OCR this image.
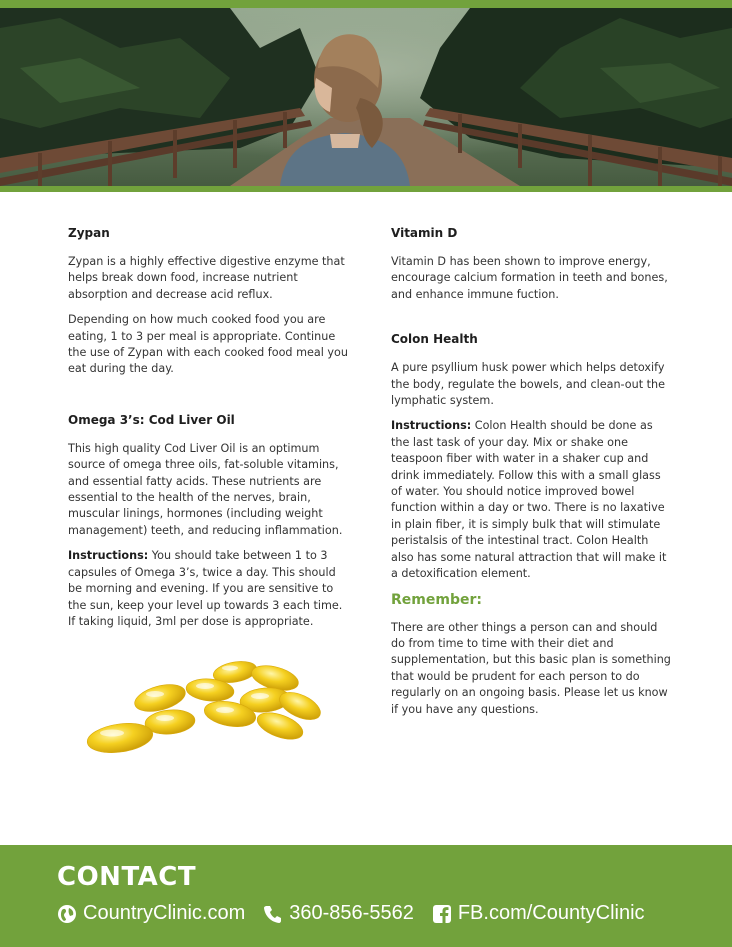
Zypan

Zypan is a highly effective digestive enzyme that helps break down food, increase nutrient absorption and decrease acid reflux.

Depending on how much cooked food you are eating, 1 to 3 per meal is appropriate. Continue the use of Zypan with each cooked food meal you eat during the day.

Omega 3’s: Cod Liver Oil

This high quality Cod Liver Oil is an optimum source of omega three oils, fat-soluble vitamins, and essential fatty acids. These nutrients are essential to the health of the nerves, brain, muscular linings, hormones (including weight management) teeth, and reducing inflammation.

Instructions: You should take between 1 to 3 capsules of Omega 3’s, twice a day. This should be morning and evening. If you are sensitive to the sun, keep your level up towards 3 each time. If taking liquid, 3ml per dose is appropriate.

Vitamin D

Vitamin D has been shown to improve energy, encourage calcium formation in teeth and bones, and enhance immune fuction.

Colon Health

A pure psyllium husk power which helps detoxify the body, regulate the bowels, and clean-out the lymphatic system.

Instructions: Colon Health should be done as the last task of your day. Mix or shake one teaspoon fiber with water in a shaker cup and drink immediately. Follow this with a small glass of water. You should notice improved bowel function within a day or two. There is no laxative in plain fiber, it is simply bulk that will stimulate peristalsis of the intestinal tract. Colon Health also has some natural attraction that will make it a detoxification element.

Remember:

There are other things a person can and should do from time to time with their diet and supplementation, but this basic plan is something that would be prudent for each person to do regularly on an ongoing basis. Please let us know if you have any questions.

CONTACT
CountryClinic.com 360-856-5562 FB.com/CountyClinic
